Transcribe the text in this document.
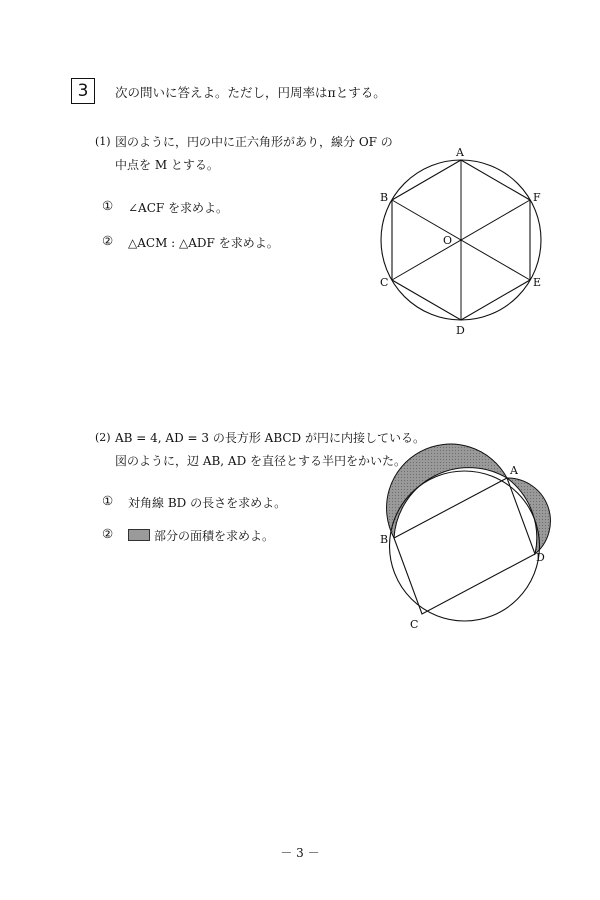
3	次の問いに答えよ。ただし，円周率はπとする。
(1) 図のように，円の中に正六角形があり，線分 OF の
中点を M とする。
① ∠ACF を求めよ。
② △ACM : △ADF を求めよ。
A
B
C
D
E
F
O
(2) AB = 4, AD = 3 の長方形 ABCD が円に内接している。
図のように，辺 AB, AD を直径とする半円をかいた。
① 対角線 BD の長さを求めよ。
②	部分の面積を求めよ。
A
B
C
D
－ 3 －
